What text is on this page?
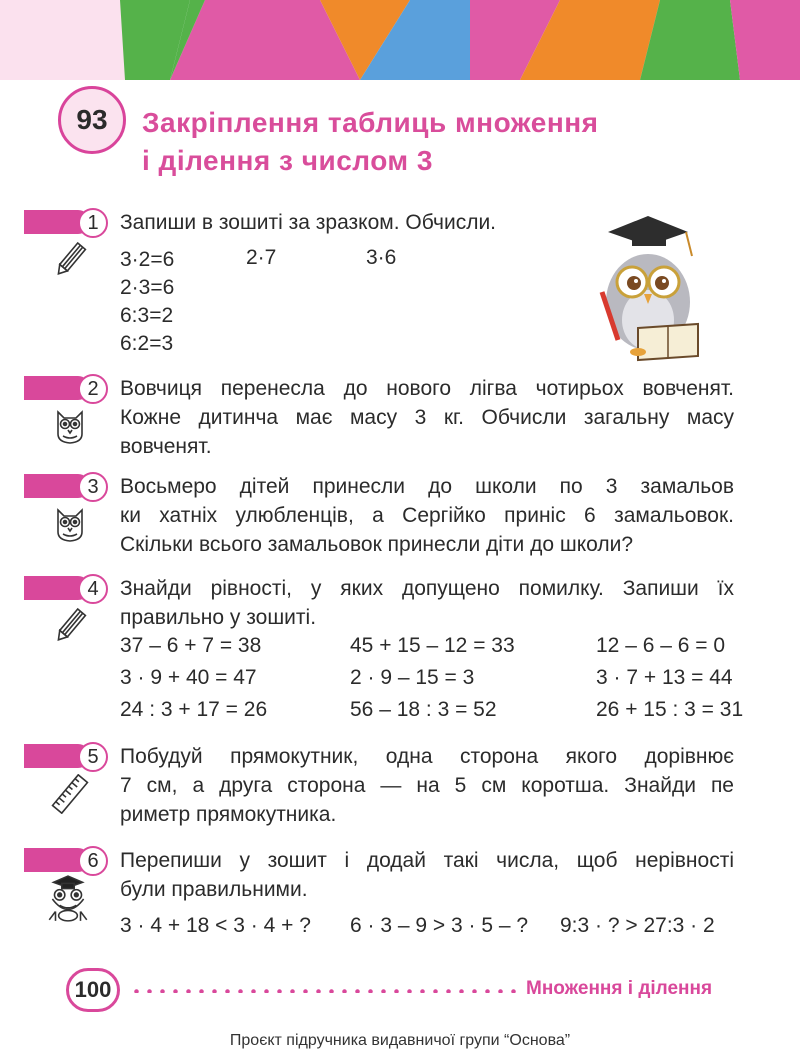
93 Закріплення таблиць множення
і ділення з числом 3
1 Запиши в зошиті за зразком. Обчисли.
3·2=6
2·3=6
6:3=2
6:2=3
2·7	3·6
2 Вовчиця перенесла до нового лігва чотирьох вовченят.
Кожне дитинча має масу 3 кг. Обчисли загальну масу
вовченят.
3 Восьмеро дітей принесли до школи по 3 замальов
ки хатніх улюбленців, а Сергійко приніс 6 замальовок.
Скільки всього замальовок принесли діти до школи?
4 Знайди рівності, у яких допущено помилку. Запиши їх
правильно у зошиті.
37 – 6 + 7 = 38	45 + 15 – 12 = 33	12 – 6 – 6 = 0
3 · 9 + 40 = 47	2 · 9 – 15 = 3	3 · 7 + 13 = 44
24 : 3 + 17 = 26	56 – 18 : 3 = 52	26 + 15 : 3 = 31
5 Побудуй прямокутник, одна сторона якого дорівнює
7 см, а друга сторона — на 5 см коротша. Знайди пе
риметр прямокутника.
6 Перепиши у зошит і додай такі числа, щоб нерівності
були правильними.
3 · 4 + 18 < 3 · 4 + ? 6 · 3 – 9 > 3 · 5 – ? 9:3 · ? > 27:3 · 2
100	Множення і ділення
Проєкт підручника видавничої групи “Основа”
